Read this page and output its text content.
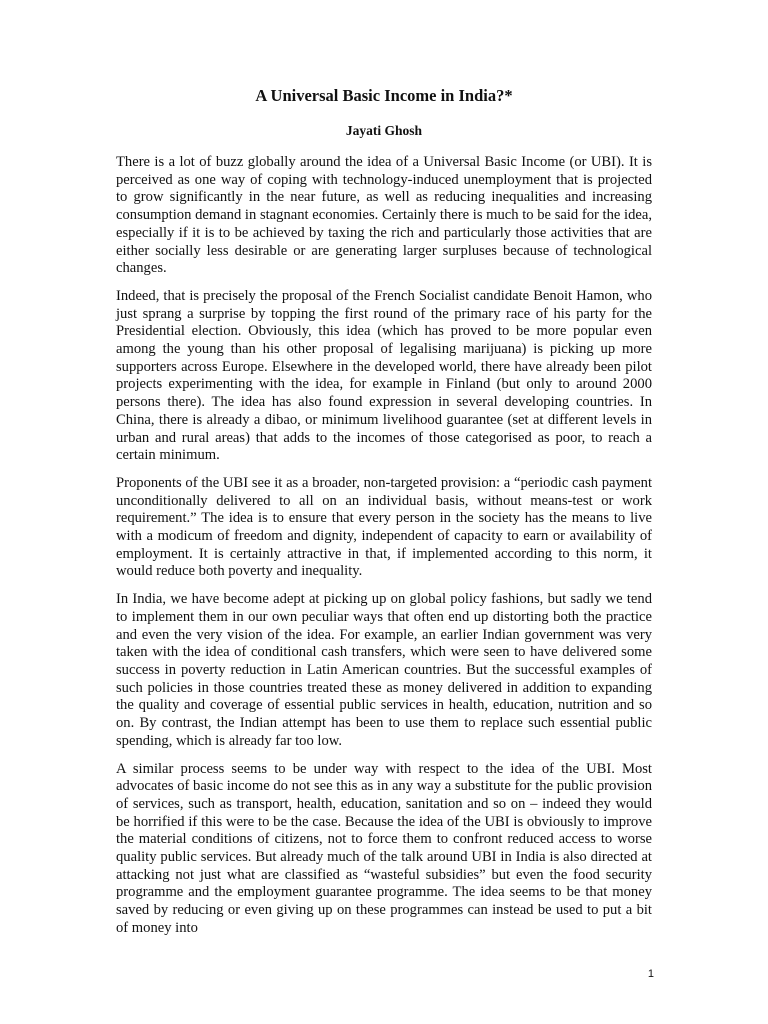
A Universal Basic Income in India?*
Jayati Ghosh

There is a lot of buzz globally around the idea of a Universal Basic Income (or UBI). It is perceived as one way of coping with technology-induced unemployment that is projected to grow significantly in the near future, as well as reducing inequalities and increasing consumption demand in stagnant economies. Certainly there is much to be said for the idea, especially if it is to be achieved by taxing the rich and particularly those activities that are either socially less desirable or are generating larger surpluses because of technological changes.

Indeed, that is precisely the proposal of the French Socialist candidate Benoit Hamon, who just sprang a surprise by topping the first round of the primary race of his party for the Presidential election. Obviously, this idea (which has proved to be more popular even among the young than his other proposal of legalising marijuana) is picking up more supporters across Europe. Elsewhere in the developed world, there have already been pilot projects experimenting with the idea, for example in Finland (but only to around 2000 persons there). The idea has also found expression in several developing countries. In China, there is already a dibao, or minimum livelihood guarantee (set at different levels in urban and rural areas) that adds to the incomes of those categorised as poor, to reach a certain minimum.

Proponents of the UBI see it as a broader, non-targeted provision: a “periodic cash payment unconditionally delivered to all on an individual basis, without means-test or work requirement.” The idea is to ensure that every person in the society has the means to live with a modicum of freedom and dignity, independent of capacity to earn or availability of employment. It is certainly attractive in that, if implemented according to this norm, it would reduce both poverty and inequality.

In India, we have become adept at picking up on global policy fashions, but sadly we tend to implement them in our own peculiar ways that often end up distorting both the practice and even the very vision of the idea. For example, an earlier Indian government was very taken with the idea of conditional cash transfers, which were seen to have delivered some success in poverty reduction in Latin American countries. But the successful examples of such policies in those countries treated these as money delivered in addition to expanding the quality and coverage of essential public services in health, education, nutrition and so on. By contrast, the Indian attempt has been to use them to replace such essential public spending, which is already far too low.

A similar process seems to be under way with respect to the idea of the UBI. Most advocates of basic income do not see this as in any way a substitute for the public provision of services, such as transport, health, education, sanitation and so on – indeed they would be horrified if this were to be the case. Because the idea of the UBI is obviously to improve the material conditions of citizens, not to force them to confront reduced access to worse quality public services. But already much of the talk around UBI in India is also directed at attacking not just what are classified as “wasteful subsidies” but even the food security programme and the employment guarantee programme. The idea seems to be that money saved by reducing or even giving up on these programmes can instead be used to put a bit of money into

1
